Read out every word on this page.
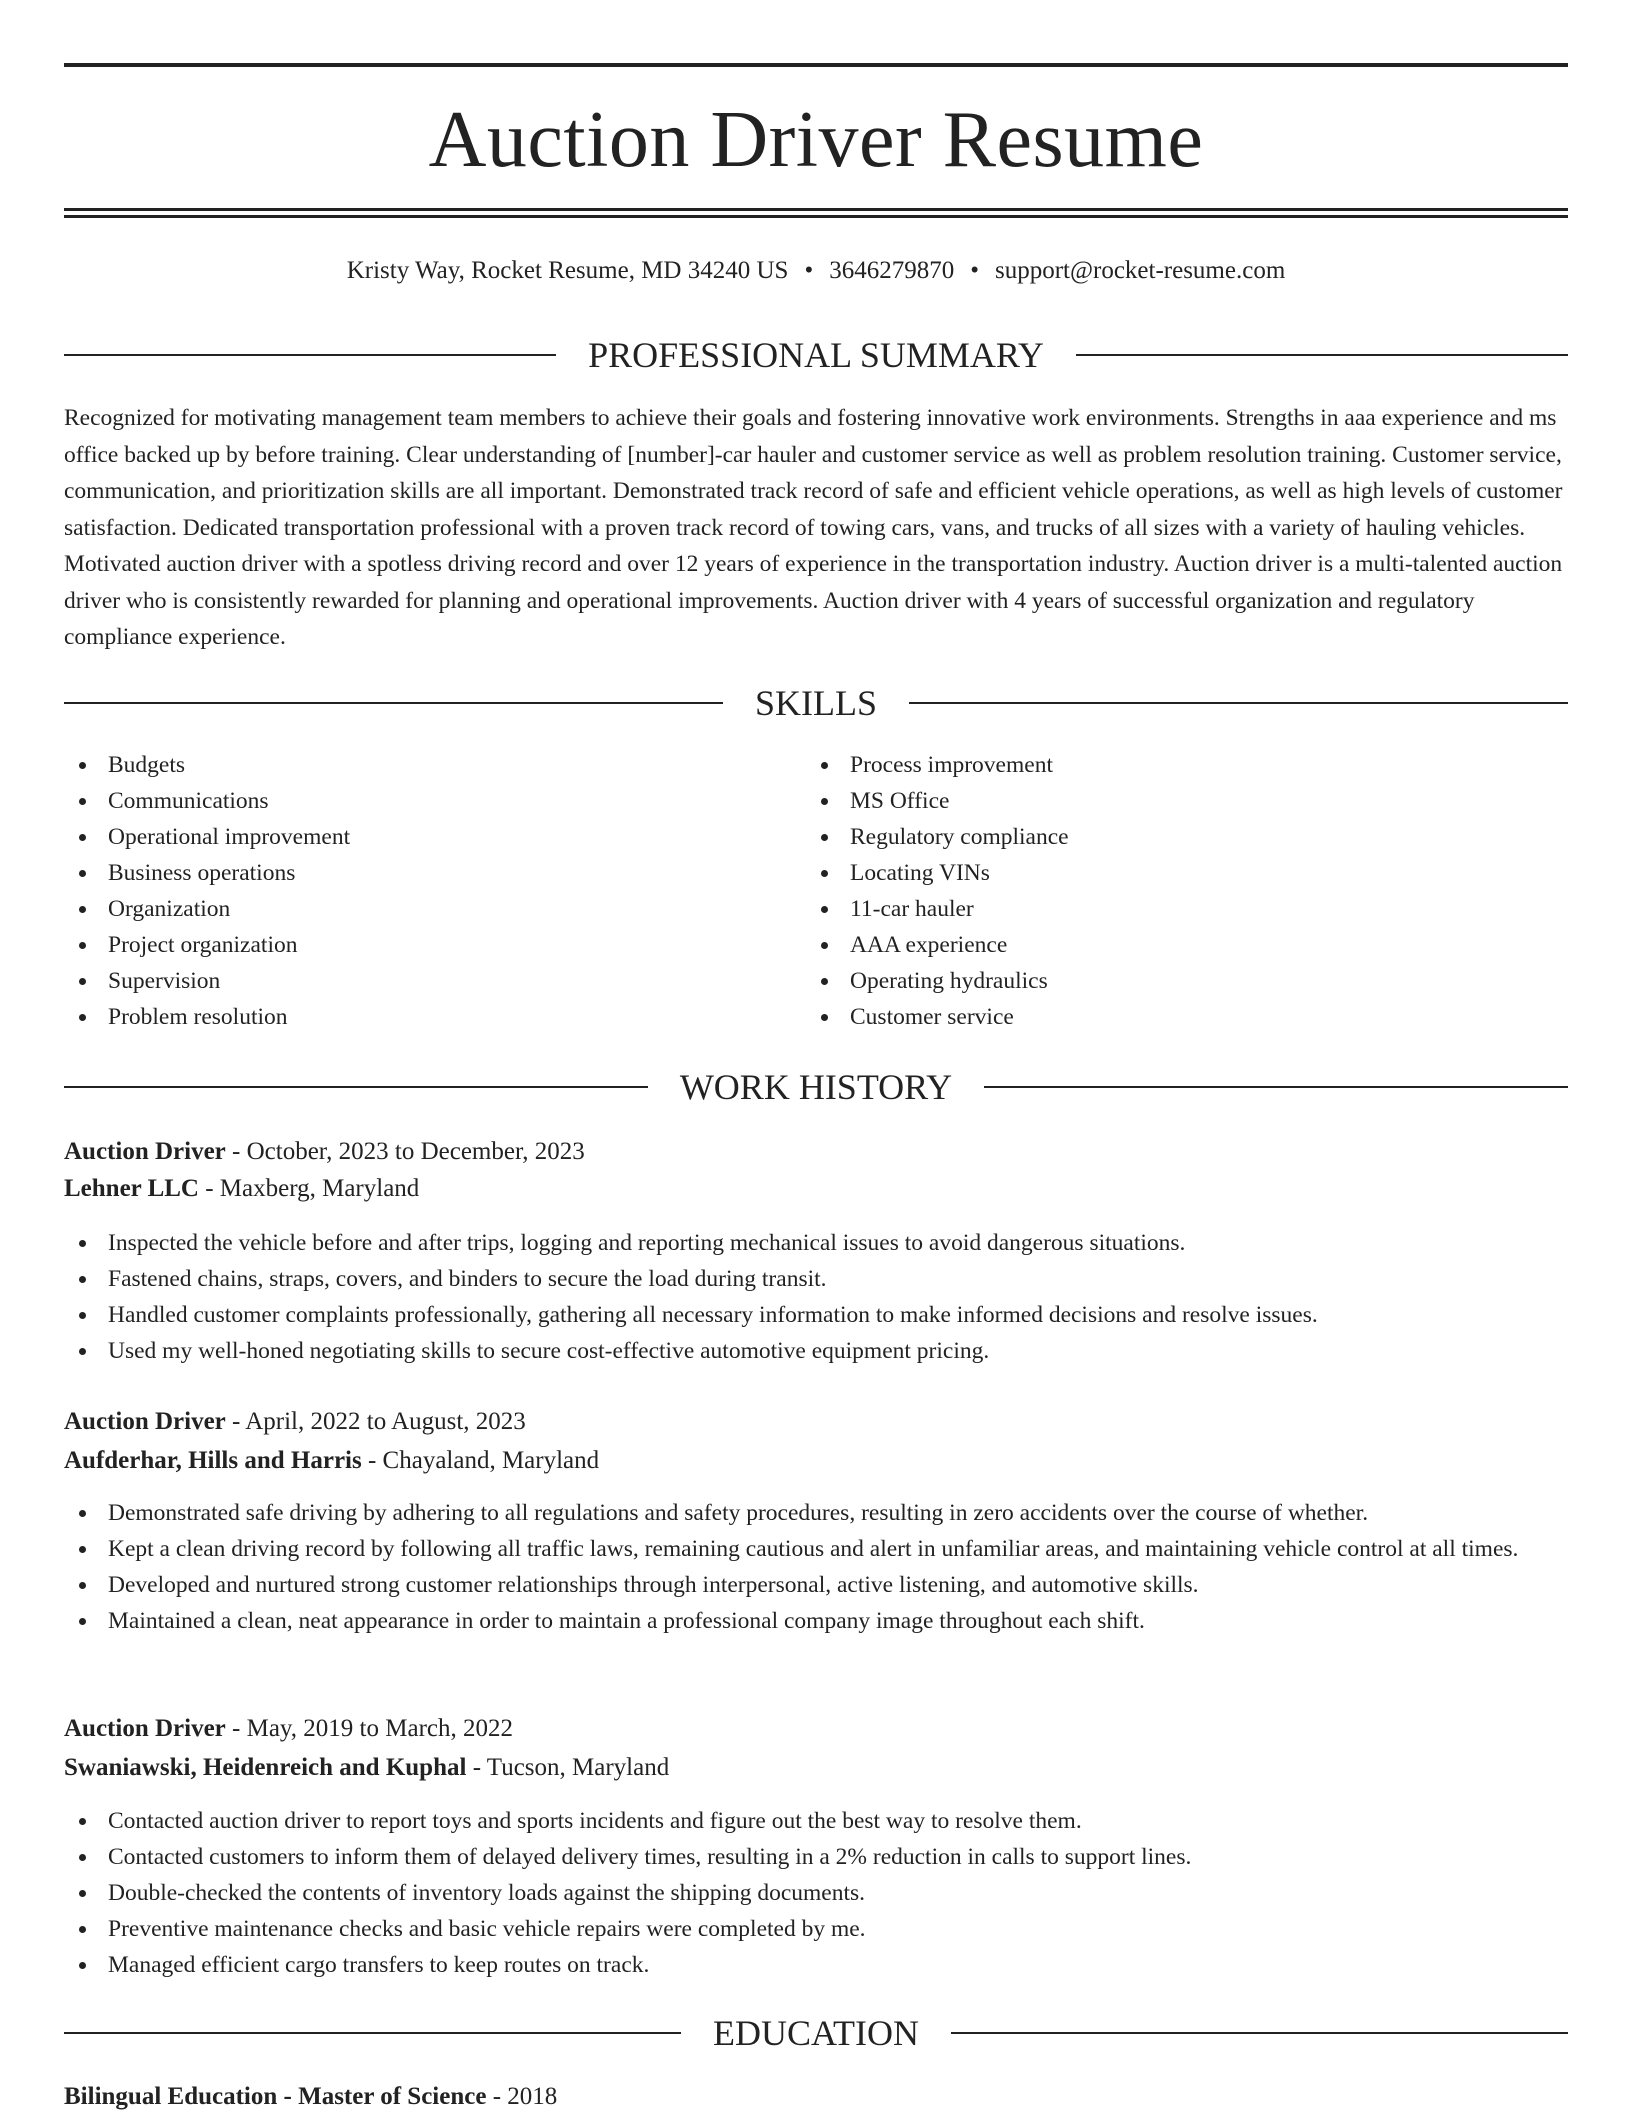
Auction Driver Resume
Kristy Way, Rocket Resume, MD 34240 US • 3646279870 • support@rocket-resume.com
PROFESSIONAL SUMMARY

Recognized for motivating management team members to achieve their goals and fostering innovative work environments. Strengths in aaa experience and ms office backed up by before training. Clear understanding of [number]-car hauler and customer service as well as problem resolution training. Customer service, communication, and prioritization skills are all important. Demonstrated track record of safe and efficient vehicle operations, as well as high levels of customer satisfaction. Dedicated transportation professional with a proven track record of towing cars, vans, and trucks of all sizes with a variety of hauling vehicles. Motivated auction driver with a spotless driving record and over 12 years of experience in the transportation industry. Auction driver is a multi-talented auction driver who is consistently rewarded for planning and operational improvements. Auction driver with 4 years of successful organization and regulatory compliance experience.

SKILLS
Budgets
Communications
Operational improvement
Business operations
Organization
Project organization
Supervision
Problem resolution
Process improvement
MS Office
Regulatory compliance
Locating VINs
11-car hauler
AAA experience
Operating hydraulics
Customer service
WORK HISTORY
Auction Driver - October, 2023 to December, 2023
Lehner LLC - Maxberg, Maryland
Inspected the vehicle before and after trips, logging and reporting mechanical issues to avoid dangerous situations.
Fastened chains, straps, covers, and binders to secure the load during transit.
Handled customer complaints professionally, gathering all necessary information to make informed decisions and resolve issues.
Used my well-honed negotiating skills to secure cost-effective automotive equipment pricing.
Auction Driver - April, 2022 to August, 2023
Aufderhar, Hills and Harris - Chayaland, Maryland
Demonstrated safe driving by adhering to all regulations and safety procedures, resulting in zero accidents over the course of whether.
Kept a clean driving record by following all traffic laws, remaining cautious and alert in unfamiliar areas, and maintaining vehicle control at all times.
Developed and nurtured strong customer relationships through interpersonal, active listening, and automotive skills.
Maintained a clean, neat appearance in order to maintain a professional company image throughout each shift.
Auction Driver - May, 2019 to March, 2022
Swaniawski, Heidenreich and Kuphal - Tucson, Maryland
Contacted auction driver to report toys and sports incidents and figure out the best way to resolve them.
Contacted customers to inform them of delayed delivery times, resulting in a 2% reduction in calls to support lines.
Double-checked the contents of inventory loads against the shipping documents.
Preventive maintenance checks and basic vehicle repairs were completed by me.
Managed efficient cargo transfers to keep routes on track.
EDUCATION
Bilingual Education - Master of Science - 2018
